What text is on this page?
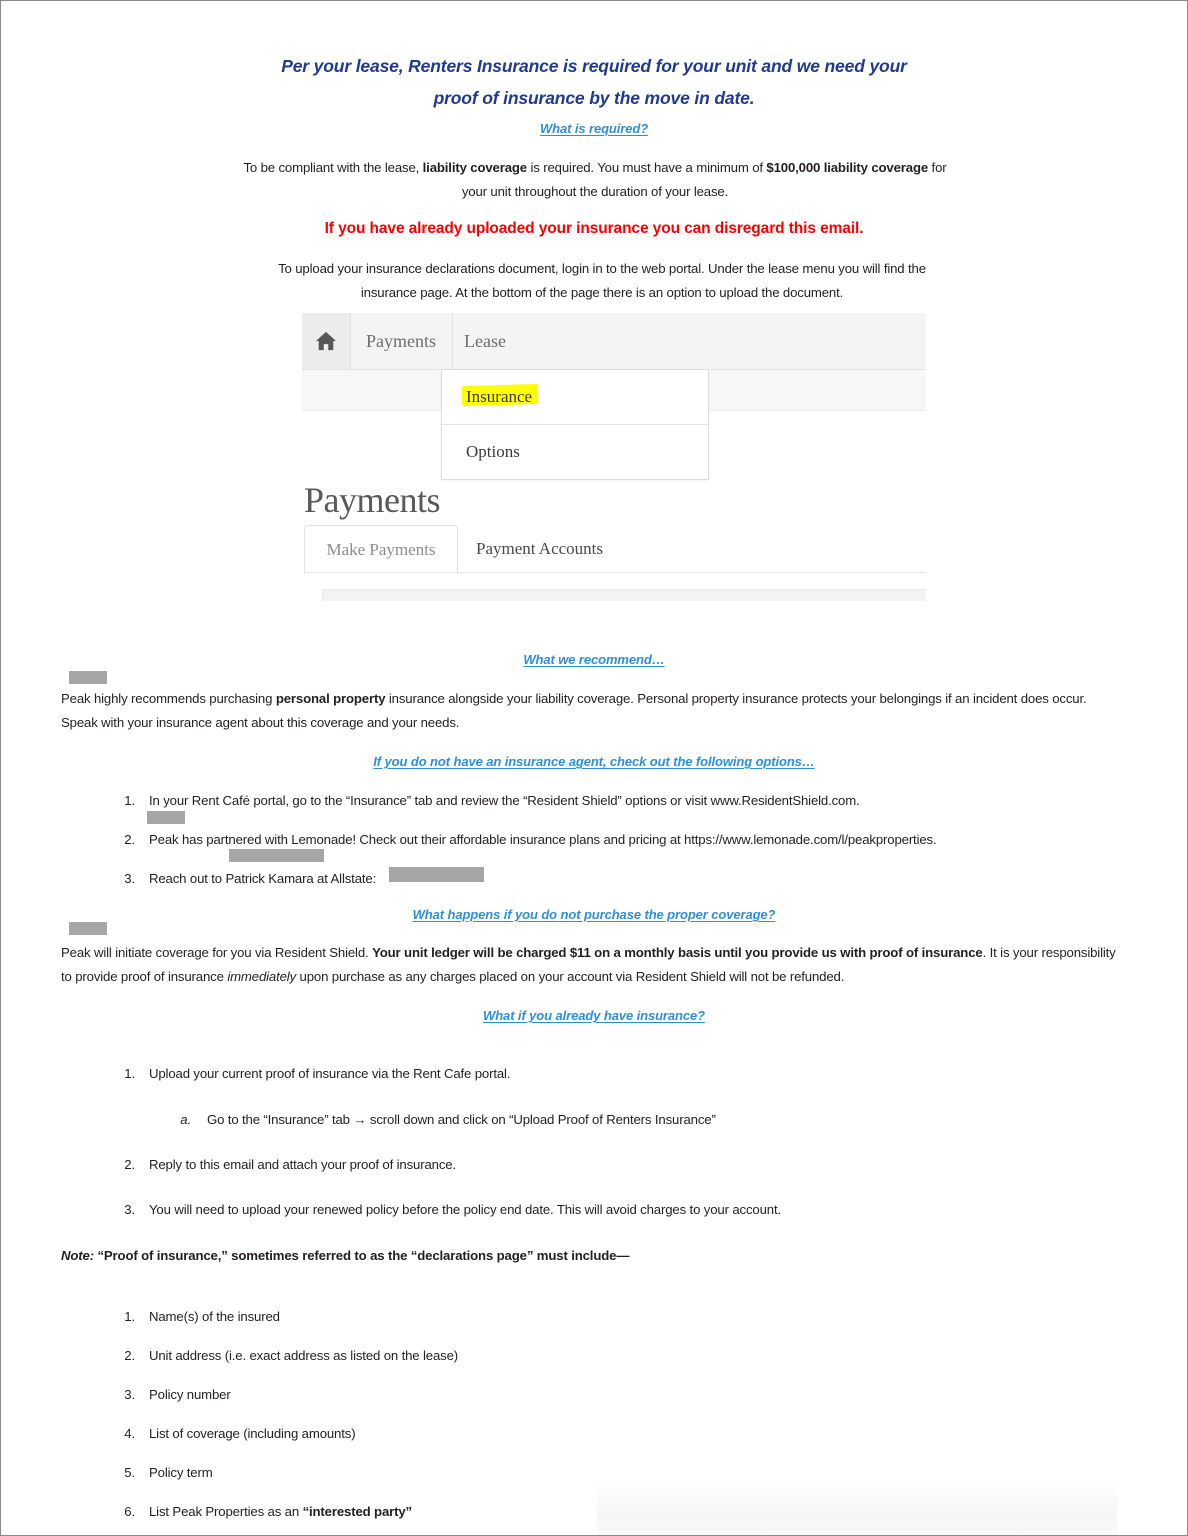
Per your lease, Renters Insurance is required for your unit and we need your
proof of insurance by the move in date.
What is required?
To be compliant with the lease, liability coverage is required. You must have a minimum of $100,000 liability coverage for your unit throughout the duration of your lease.
If you have already uploaded your insurance you can disregard this email.
To upload your insurance declarations document, login in to the web portal. Under the lease menu you will find the
insurance page. At the bottom of the page there is an option to upload the document.
Payments Lease
Payments
Insurance
Options
Make Payments Payment Accounts
What we recommend…
Peak highly recommends purchasing personal property insurance alongside your liability coverage. Personal property insurance protects your belongings if an incident does occur. Speak with your insurance agent about this coverage and your needs.
If you do not have an insurance agent, check out the following options…
1. In your Rent Café portal, go to the “Insurance” tab and review the “Resident Shield” options or visit www.ResidentShield.com.
2. Peak has partnered with Lemonade! Check out their affordable insurance plans and pricing at https://www.lemonade.com/l/peakproperties.
3. Reach out to Patrick Kamara at Allstate:
What happens if you do not purchase the proper coverage?
Peak will initiate coverage for you via Resident Shield. Your unit ledger will be charged $11 on a monthly basis until you provide us with proof of insurance. It is your responsibility to provide proof of insurance immediately upon purchase as any charges placed on your account via Resident Shield will not be refunded.
What if you already have insurance?
1. Upload your current proof of insurance via the Rent Cafe portal.
a. Go to the “Insurance” tab → scroll down and click on “Upload Proof of Renters Insurance”
2. Reply to this email and attach your proof of insurance.
3. You will need to upload your renewed policy before the policy end date. This will avoid charges to your account.
Note: “Proof of insurance,” sometimes referred to as the “declarations page” must include—
1. Name(s) of the insured
2. Unit address (i.e. exact address as listed on the lease)
3. Policy number
4. List of coverage (including amounts)
5. Policy term
6. List Peak Properties as an “interested party”
